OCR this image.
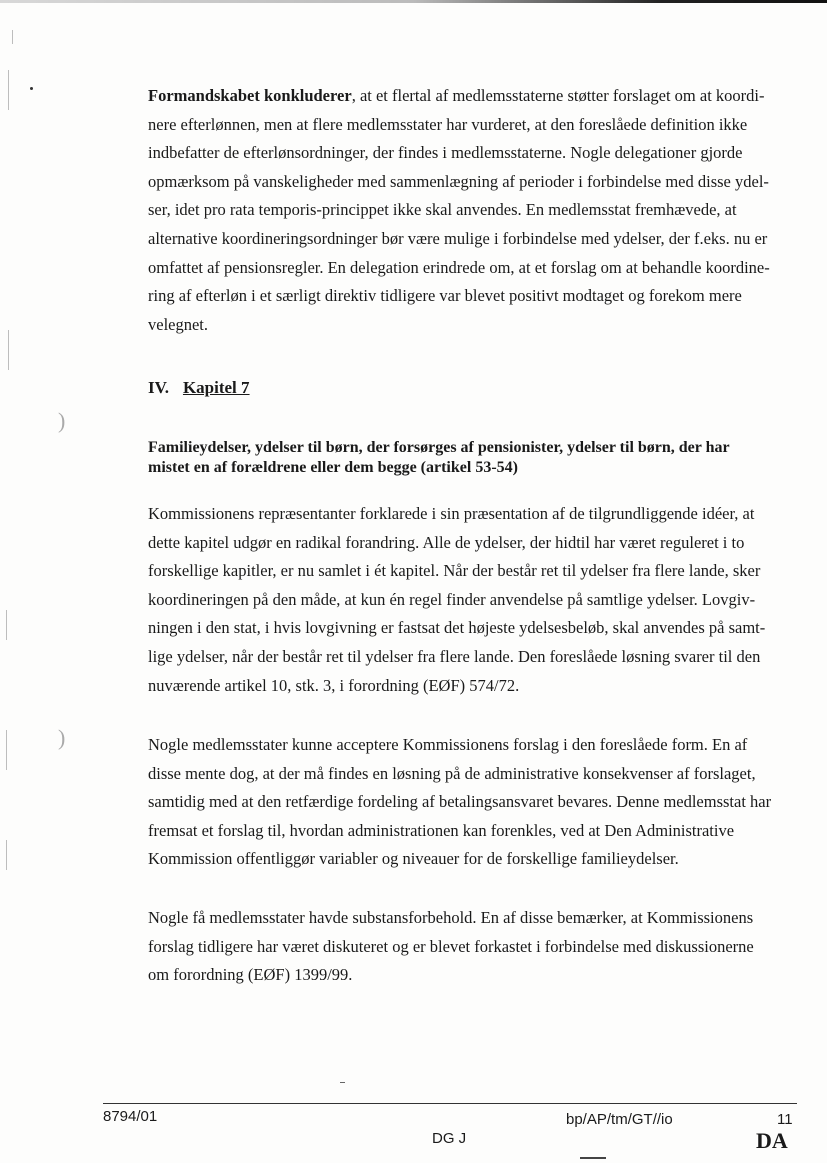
)
)
Formandskabet konkluderer, at et flertal af medlemsstaterne støtter forslaget om at koordi-
nere efterlønnen, men at flere medlemsstater har vurderet, at den foreslåede definition ikke
indbefatter de efterlønsordninger, der findes i medlemsstaterne. Nogle delegationer gjorde
opmærksom på vanskeligheder med sammenlægning af perioder i forbindelse med disse ydel-
ser, idet pro rata temporis-princippet ikke skal anvendes. En medlemsstat fremhævede, at
alternative koordineringsordninger bør være mulige i forbindelse med ydelser, der f.eks. nu er
omfattet af pensionsregler. En delegation erindrede om, at et forslag om at behandle koordine-
ring af efterløn i et særligt direktiv tidligere var blevet positivt modtaget og forekom mere
velegnet.
IV. Kapitel 7
Familieydelser, ydelser til børn, der forsørges af pensionister, ydelser til børn, der har
mistet en af forældrene eller dem begge (artikel 53-54)
Kommissionens repræsentanter forklarede i sin præsentation af de tilgrundliggende idéer, at
dette kapitel udgør en radikal forandring. Alle de ydelser, der hidtil har været reguleret i to
forskellige kapitler, er nu samlet i ét kapitel. Når der består ret til ydelser fra flere lande, sker
koordineringen på den måde, at kun én regel finder anvendelse på samtlige ydelser. Lovgiv-
ningen i den stat, i hvis lovgivning er fastsat det højeste ydelsesbeløb, skal anvendes på samt-
lige ydelser, når der består ret til ydelser fra flere lande. Den foreslåede løsning svarer til den
nuværende artikel 10, stk. 3, i forordning (EØF) 574/72.
Nogle medlemsstater kunne acceptere Kommissionens forslag i den foreslåede form. En af
disse mente dog, at der må findes en løsning på de administrative konsekvenser af forslaget,
samtidig med at den retfærdige fordeling af betalingsansvaret bevares. Denne medlemsstat har
fremsat et forslag til, hvordan administrationen kan forenkles, ved at Den Administrative
Kommission offentliggør variabler og niveauer for de forskellige familieydelser.
Nogle få medlemsstater havde substansforbehold. En af disse bemærker, at Kommissionens
forslag tidligere har været diskuteret og er blevet forkastet i forbindelse med diskussionerne
om forordning (EØF) 1399/99.
8794/01	bp/AP/tm/GT//io	11
DG J	DA
